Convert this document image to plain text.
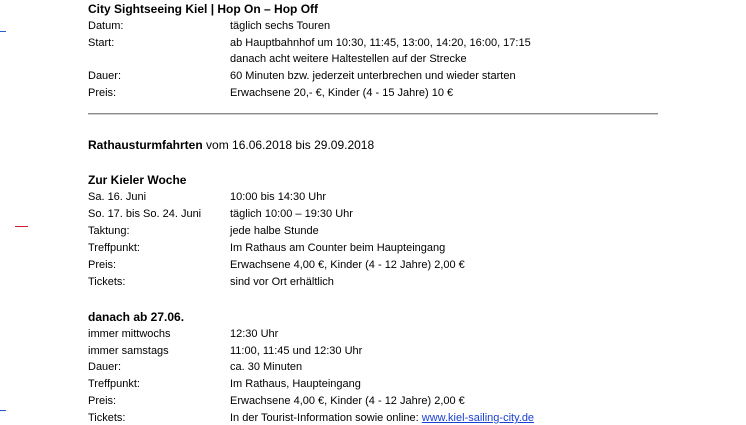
City Sightseeing Kiel | Hop On – Hop Off
Datum:	täglich sechs Touren
Start:	ab Hauptbahnhof um 10:30, 11:45, 13:00, 14:20, 16:00, 17:15
danach acht weitere Haltestellen auf der Strecke
Dauer:	60 Minuten bzw. jederzeit unterbrechen und wieder starten
Preis:	Erwachsene 20,- €, Kinder (4 - 15 Jahre) 10 €
Rathausturmfahrten vom 16.06.2018 bis 29.09.2018
Zur Kieler Woche
Sa. 16. Juni	10:00 bis 14:30 Uhr
So. 17. bis So. 24. Juni	täglich 10:00 – 19:30 Uhr
Taktung:	jede halbe Stunde
Treffpunkt:	Im Rathaus am Counter beim Haupteingang
Preis:	Erwachsene 4,00 €, Kinder (4 - 12 Jahre) 2,00 €
Tickets:	sind vor Ort erhältlich
danach ab 27.06.
immer mittwochs	12:30 Uhr
immer samstags	11:00, 11:45 und 12:30 Uhr
Dauer:	ca. 30 Minuten
Treffpunkt:	Im Rathaus, Haupteingang
Preis:	Erwachsene 4,00 €, Kinder (4 - 12 Jahre) 2,00 €
Tickets:	In der Tourist-Information sowie online: www.kiel-sailing-city.de
